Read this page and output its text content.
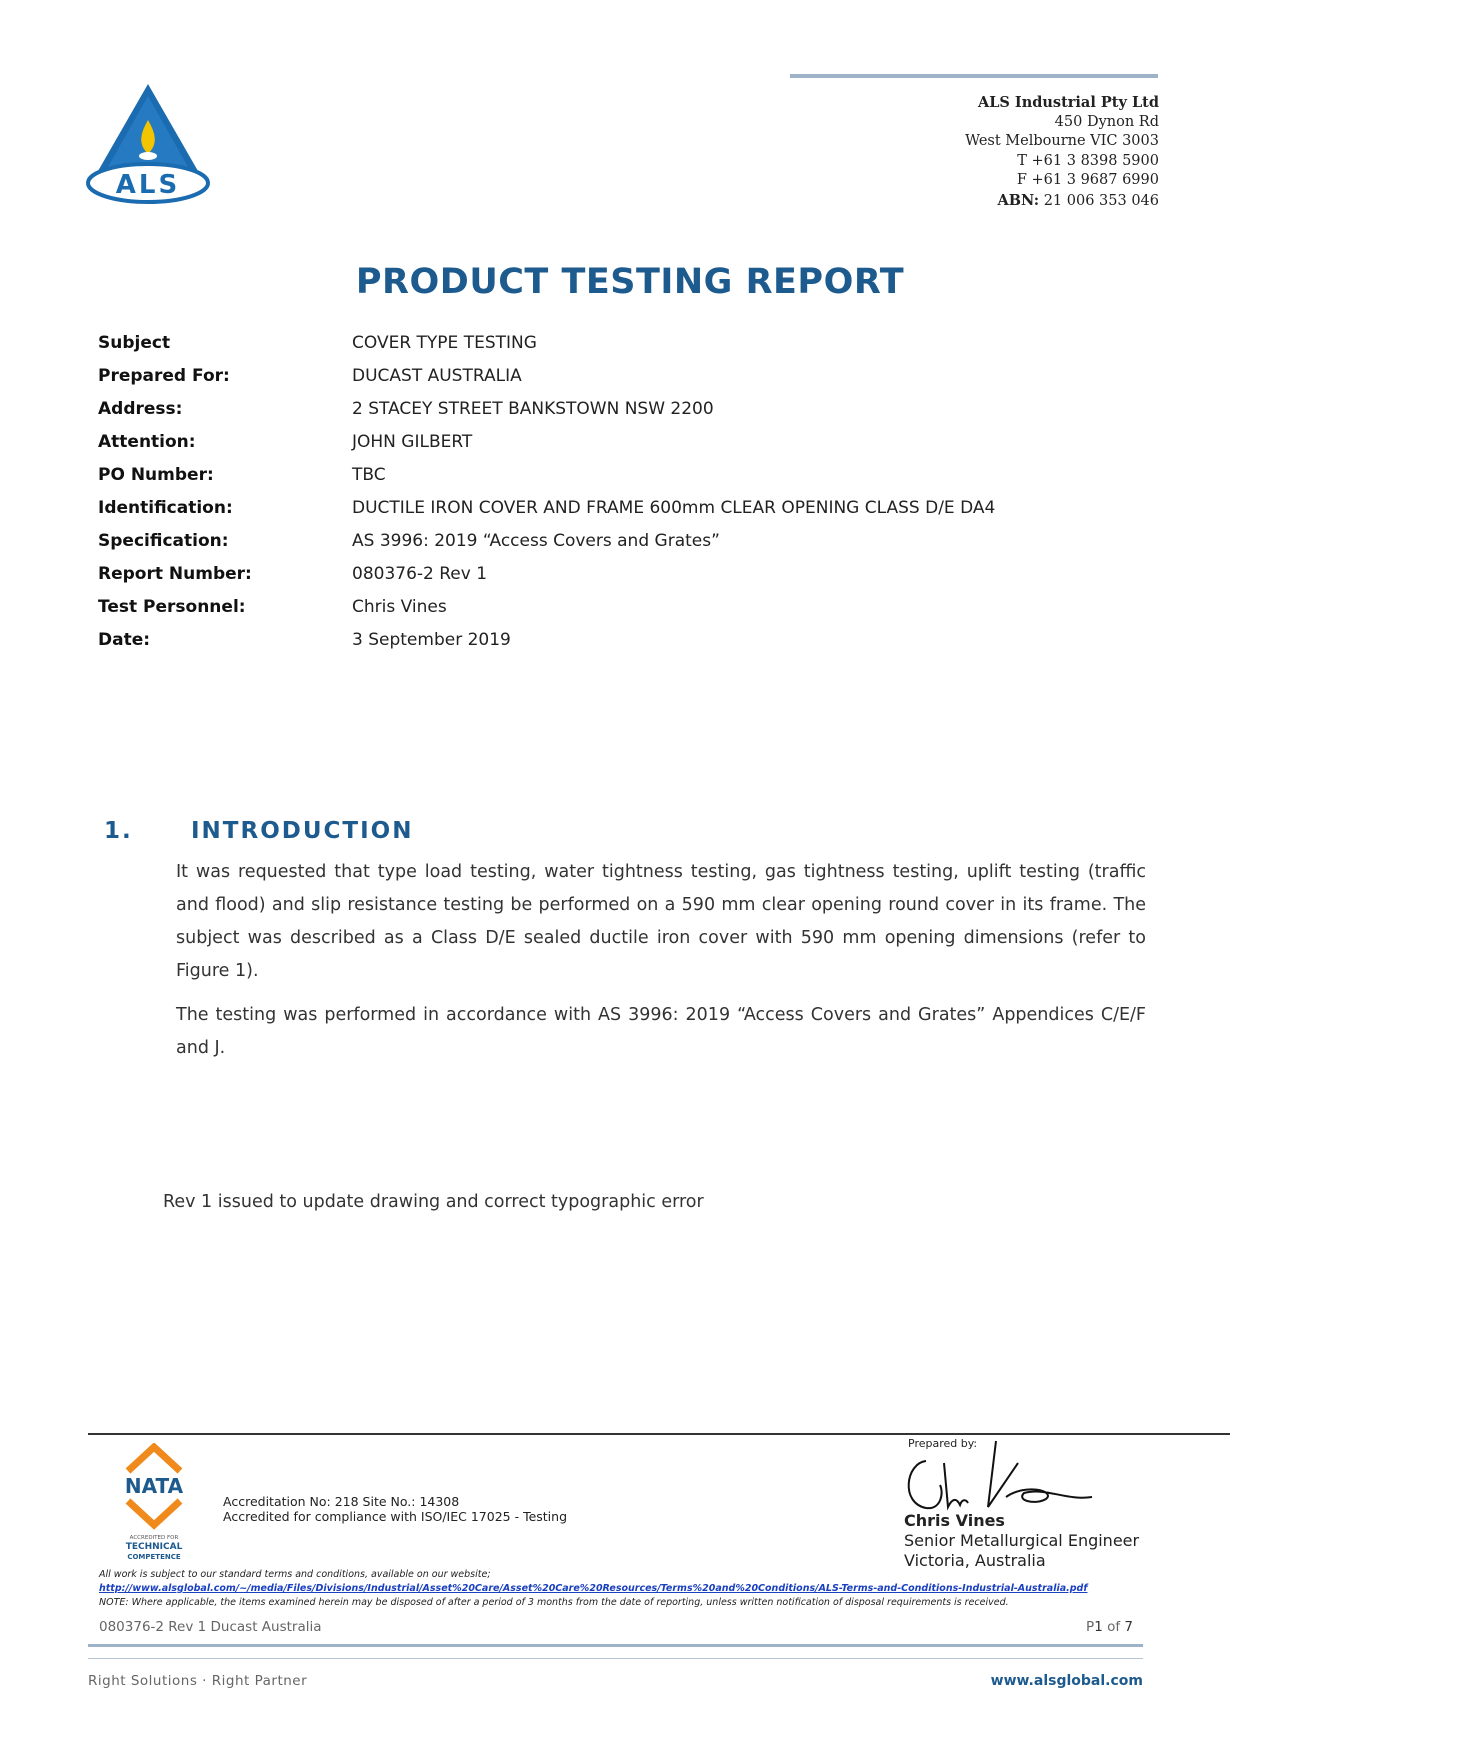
ALS
ALS Industrial Pty Ltd
450 Dynon Rd
West Melbourne VIC 3003
T +61 3 8398 5900
F +61 3 9687 6990
ABN: 21 006 353 046
PRODUCT TESTING REPORT
Subject	COVER TYPE TESTING
Prepared For:	DUCAST AUSTRALIA
Address:	2 STACEY STREET BANKSTOWN NSW 2200
Attention:	JOHN GILBERT
PO Number:	TBC
Identification:	DUCTILE IRON COVER AND FRAME 600mm CLEAR OPENING CLASS D/E DA4
Specification:	AS 3996: 2019 “Access Covers and Grates”
Report Number:	080376-2 Rev 1
Test Personnel:	Chris Vines
Date:	3 September 2019
1.	INTRODUCTION
It was requested that type load testing, water tightness testing, gas tightness testing, uplift testing (traffic and flood) and slip resistance testing be performed on a 590 mm clear opening round cover in its frame. The subject was described as a Class D/E sealed ductile iron cover with 590 mm opening dimensions (refer to Figure 1).
The testing was performed in accordance with AS 3996: 2019 “Access Covers and Grates” Appendices C/E/F and J.
Rev 1 issued to update drawing and correct typographic error
NATA
ACCREDITED FOR
TECHNICAL
COMPETENCE
Accreditation No: 218 Site No.: 14308
Accredited for compliance with ISO/IEC 17025 - Testing
Prepared by:
Chris Vines
Senior Metallurgical Engineer
Victoria, Australia
All work is subject to our standard terms and conditions, available on our website;
http://www.alsglobal.com/~/media/Files/Divisions/Industrial/Asset%20Care/Asset%20Care%20Resources/Terms%20and%20Conditions/ALS-Terms-and-Conditions-Industrial-Australia.pdf
NOTE: Where applicable, the items examined herein may be disposed of after a period of 3 months from the date of reporting, unless written notification of disposal requirements is received.
080376-2 Rev 1 Ducast Australia	P1 of 7
Right Solutions · Right Partner	www.alsglobal.com
